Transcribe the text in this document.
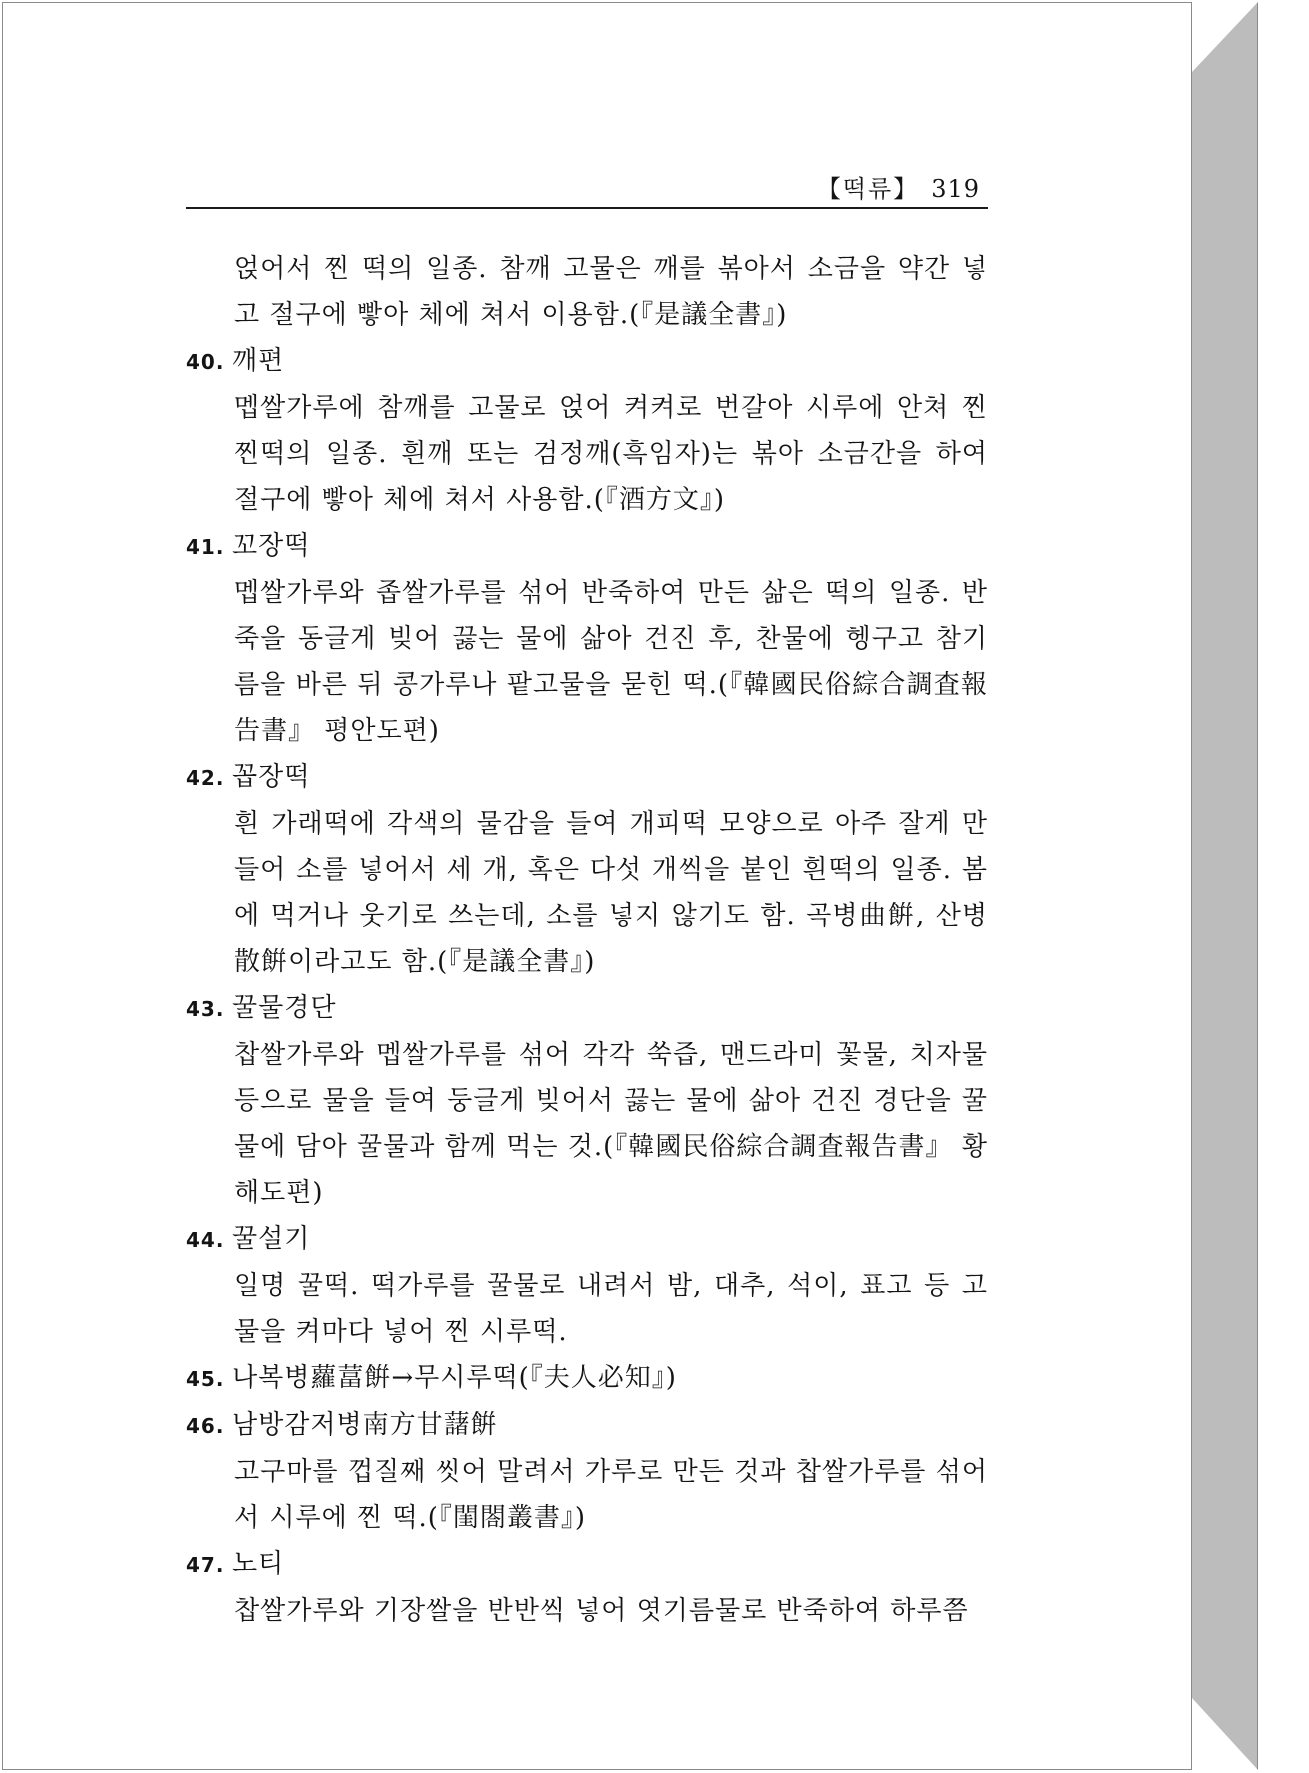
【떡류】 319

얹어서 찐 떡의 일종. 참깨 고물은 깨를 볶아서 소금을 약간 넣고 절구에 빻아 체에 쳐서 이용함.(『是議全書』)

40. 깨편

멥쌀가루에 참깨를 고물로 얹어 켜켜로 번갈아 시루에 안쳐 찐 찐떡의 일종. 흰깨 또는 검정깨(흑임자)는 볶아 소금간을 하여 절구에 빻아 체에 쳐서 사용함.(『酒方文』)

41. 꼬장떡

멥쌀가루와 좁쌀가루를 섞어 반죽하여 만든 삶은 떡의 일종. 반죽을 동글게 빚어 끓는 물에 삶아 건진 후, 찬물에 헹구고 참기름을 바른 뒤 콩가루나 팥고물을 묻힌 떡.(『韓國民俗綜合調査報告書』 평안도편)

42. 꼽장떡

흰 가래떡에 각색의 물감을 들여 개피떡 모양으로 아주 잘게 만들어 소를 넣어서 세 개, 혹은 다섯 개씩을 붙인 흰떡의 일종. 봄에 먹거나 웃기로 쓰는데, 소를 넣지 않기도 함. 곡병曲餠, 산병散餠이라고도 함.(『是議全書』)

43. 꿀물경단

찹쌀가루와 멥쌀가루를 섞어 각각 쑥즙, 맨드라미 꽃물, 치자물 등으로 물을 들여 둥글게 빚어서 끓는 물에 삶아 건진 경단을 꿀물에 담아 꿀물과 함께 먹는 것.(『韓國民俗綜合調査報告書』 황해도편)

44. 꿀설기

일명 꿀떡. 떡가루를 꿀물로 내려서 밤, 대추, 석이, 표고 등 고물을 켜마다 넣어 찐 시루떡.

45. 나복병蘿葍餠→무시루떡(『夫人必知』)

46. 남방감저병南方甘藷餠

고구마를 껍질째 씻어 말려서 가루로 만든 것과 찹쌀가루를 섞어서 시루에 찐 떡.(『閨閤叢書』)

47. 노티

찹쌀가루와 기장쌀을 반반씩 넣어 엿기름물로 반죽하여 하루쯤
